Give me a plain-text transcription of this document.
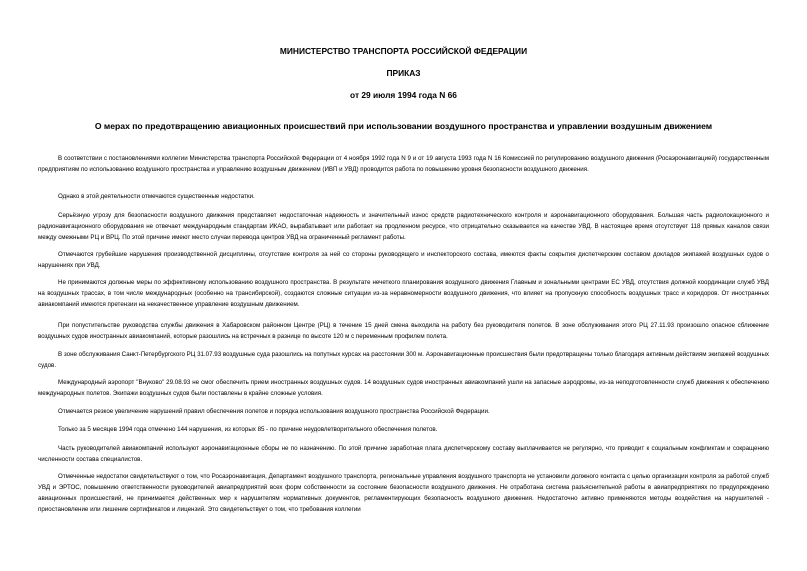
МИНИСТЕРСТВО ТРАНСПОРТА РОССИЙСКОЙ ФЕДЕРАЦИИ
ПРИКАЗ
от 29 июля 1994 года N 66
О мерах по предотвращению авиационных происшествий при использовании воздушного пространства и управлении воздушным движением

В соответствии с постановлениями коллегии Министерства транспорта Российской Федерации от 4 ноября 1992 года N 9 и от 19 августа 1993 года N 16 Комиссией по регулированию воздушного движения (Росаэронавигацией) государственным предприятиям по использованию воздушного пространства и управлению воздушным движением (ИВП и УВД) проводится работа по повышению уровня безопасности воздушного движения.

Однако в этой деятельности отмечаются существенные недостатки.

Серьёзную угрозу для безопасности воздушного движения представляет недостаточная надежность и значительный износ средств радиотехнического контроля и аэронавигационного оборудования. Большая часть радиолокационного и радионавигационного оборудования не отвечает международным стандартам ИКАО, вырабатывает или работает на продленном ресурсе, что отрицательно сказывается на качестве УВД. В настоящее время отсутствует 118 прямых каналов связи между смежными РЦ и ВРЦ. По этой причине имеют место случаи перевода центров УВД на ограниченный регламент работы.

Отмечаются грубейшие нарушения производственной дисциплины, отсутствие контроля за ней со стороны руководящего и инспекторского состава, имеются факты сокрытия диспетчерским составом докладов экипажей воздушных судов о нарушениях при УВД.

Не принимаются должные меры по эффективному использованию воздушного пространства. В результате нечеткого планирования воздушного движения Главным и зональными центрами ЕС УВД, отсутствия должной координации служб УВД на воздушных трассах, в том числе международных (особенно на трансибирской), создаются сложные ситуации из-за неравномерности воздушного движения, что влияет на пропускную способность воздушных трасс и коридоров. От иностранных авиакомпаний имеются претензии на некачественное управление воздушным движением.

При попустительстве руководства службы движения в Хабаровском районном Центре (РЦ) в течение 15 дней смена выходила на работу без руководителя полетов. В зоне обслуживания этого РЦ 27.11.93 произошло опасное сближение воздушных судов иностранных авиакомпаний, которые разошлись на встречных в разнице по высоте 120 м с переменным профилем полета.

В зоне обслуживания Санкт-Петербургского РЦ 31.07.93 воздушные суда разошлись на попутных курсах на расстоянии 300 м. Аэронавигационные происшествия были предотвращены только благодаря активным действиям экипажей воздушных судов.

Международный аэропорт "Внуково" 29.08.93 не смог обеспечить прием иностранных воздушных судов. 14 воздушных судов иностранных авиакомпаний ушли на запасные аэродромы, из-за неподготовленности служб движения к обеспечению международных полетов. Экипажи воздушных судов были поставлены в крайне сложные условия.

Отмечается резкое увеличение нарушений правил обеспечения полетов и порядка использования воздушного пространства Российской Федерации.

Только за 5 месяцев 1994 года отмечено 144 нарушения, из которых 85 - по причине неудовлетворительного обеспечения полетов.

Часть руководителей авиакомпаний используют аэронавигационные сборы не по назначению. По этой причине заработная плата диспетчерскому составу выплачивается не регулярно, что приводит к социальным конфликтам и сокращению численности состава специалистов.

Отмеченные недостатки свидетельствуют о том, что Росаэронавигация, Департамент воздушного транспорта, региональные управления воздушного транспорта не установили должного контакта с целью организации контроля за работой служб УВД и ЭРТОС, повышению ответственности руководителей авиапредприятий всех форм собственности за состояние безопасности воздушного движения. Не отработана система разъяснительной работы в авиапредприятиях по предупреждению авиационных происшествий, не принимается действенных мер к нарушителям нормативных документов, регламентирующих безопасность воздушного движения. Недостаточно активно применяются методы воздействия на нарушителей - приостановление или лишение сертификатов и лицензий. Это свидетельствует о том, что требования коллегии
